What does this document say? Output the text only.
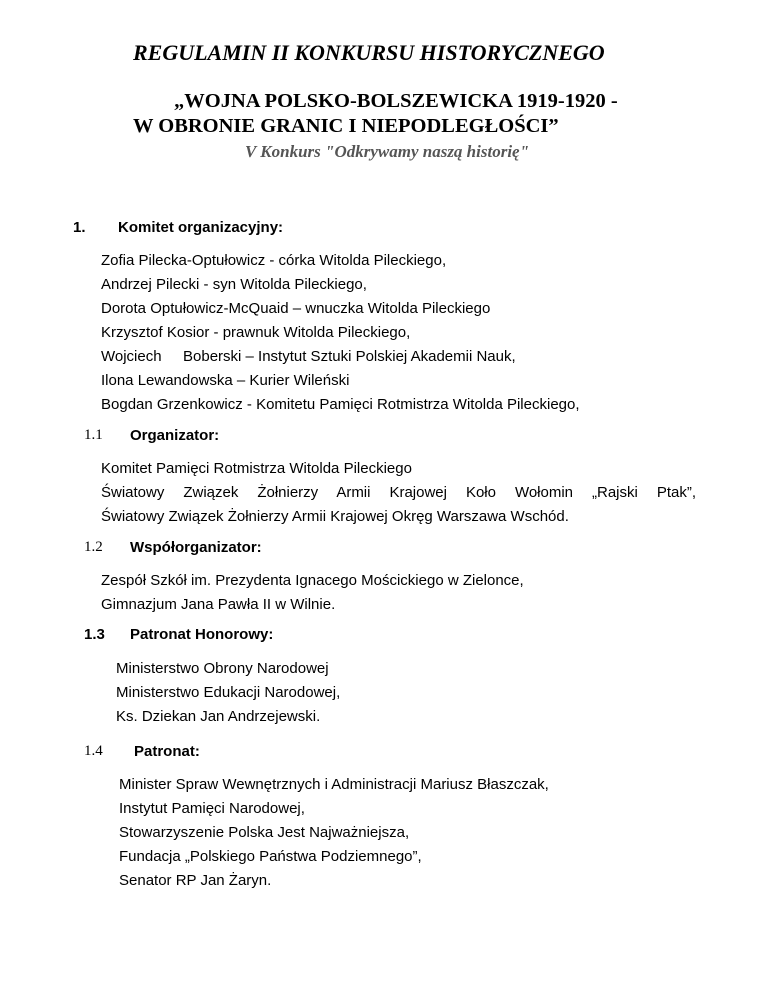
REGULAMIN II KONKURSU HISTORYCZNEGO
„WOJNA POLSKO-BOLSZEWICKA 1919-1920 -
W OBRONIE GRANIC I NIEPODLEGŁOŚCI”
V Konkurs "Odkrywamy naszą historię"
1. Komitet organizacyjny:
Zofia Pilecka-Optułowicz - córka Witolda Pileckiego,
Andrzej Pilecki - syn Witolda Pileckiego,
Dorota Optułowicz-McQuaid – wnuczka Witolda Pileckiego
Krzysztof Kosior - prawnuk Witolda Pileckiego,
Wojciech Boberski – Instytut Sztuki Polskiej Akademii Nauk,
Ilona Lewandowska – Kurier Wileński
Bogdan Grzenkowicz - Komitetu Pamięci Rotmistrza Witolda Pileckiego,
1.1 Organizator:
Komitet Pamięci Rotmistrza Witolda Pileckiego
Światowy Związek Żołnierzy Armii Krajowej Koło Wołomin „Rajski Ptak”,
Światowy Związek Żołnierzy Armii Krajowej Okręg Warszawa Wschód.
1.2 Współorganizator:
Zespół Szkół im. Prezydenta Ignacego Mościckiego w Zielonce,
Gimnazjum Jana Pawła II w Wilnie.
1.3 Patronat Honorowy:
Ministerstwo Obrony Narodowej
Ministerstwo Edukacji Narodowej,
Ks. Dziekan Jan Andrzejewski.
1.4 Patronat:
Minister Spraw Wewnętrznych i Administracji Mariusz Błaszczak,
Instytut Pamięci Narodowej,
Stowarzyszenie Polska Jest Najważniejsza,
Fundacja „Polskiego Państwa Podziemnego”,
Senator RP Jan Żaryn.
